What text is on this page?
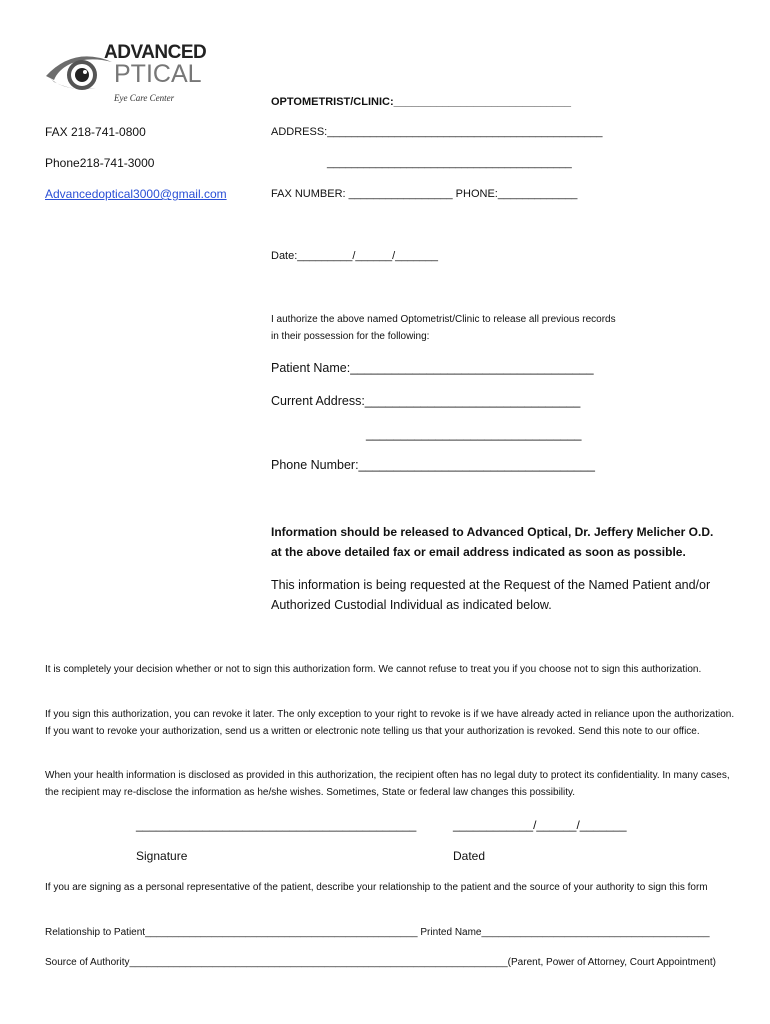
ADVANCED
PTICAL
Eye Care Center
FAX 218-741-0800
Phone218-741-3000
Advancedoptical3000@gmail.com
OPTOMETRIST/CLINIC:_____________________________
ADDRESS:_____________________________________________
________________________________________
FAX NUMBER: _________________ PHONE:_____________
Date:_________/______/_______
I authorize the above named Optometrist/Clinic to release all previous records
in their possession for the following:
Patient Name:___________________________________
Current Address:_______________________________
_______________________________
Phone Number:__________________________________
Information should be released to Advanced Optical, Dr. Jeffery Melicher O.D.
at the above detailed fax or email address indicated as soon as possible.
This information is being requested at the Request of the Named Patient and/or
Authorized Custodial Individual as indicated below.
It is completely your decision whether or not to sign this authorization form. We cannot refuse to treat you if you choose not to sign this authorization.
If you sign this authorization, you can revoke it later. The only exception to your right to revoke is if we have already acted in reliance upon the authorization. If you want to revoke your authorization, send us a written or electronic note telling us that your authorization is revoked. Send this note to our office.
When your health information is disclosed as provided in this authorization, the recipient often has no legal duty to protect its confidentiality. In many cases, the recipient may re-disclose the information as he/she wishes. Sometimes, State or federal law changes this possibility.
__________________________________________	____________/______/_______
Signature	Dated
If you are signing as a personal representative of the patient, describe your relationship to the patient and the source of your authority to sign this form
Relationship to Patient_________________________________________________ Printed Name_________________________________________
Source of Authority____________________________________________________________________(Parent, Power of Attorney, Court Appointment)
